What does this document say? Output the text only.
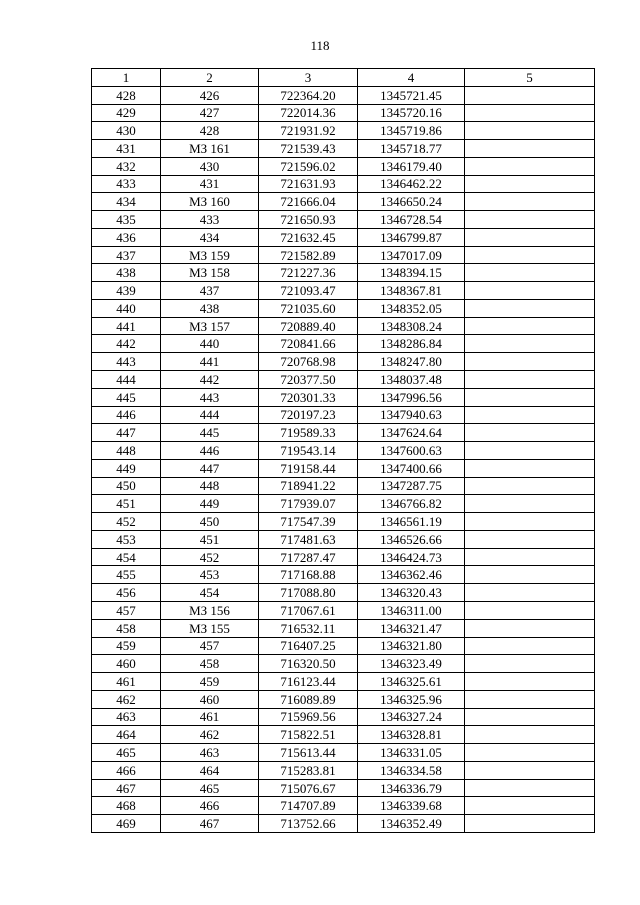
118
1	2	3	4	5
428	426	722364.20	1345721.45	
429	427	722014.36	1345720.16	
430	428	721931.92	1345719.86	
431	МЗ 161	721539.43	1345718.77	
432	430	721596.02	1346179.40	
433	431	721631.93	1346462.22	
434	МЗ 160	721666.04	1346650.24	
435	433	721650.93	1346728.54	
436	434	721632.45	1346799.87	
437	МЗ 159	721582.89	1347017.09	
438	МЗ 158	721227.36	1348394.15	
439	437	721093.47	1348367.81	
440	438	721035.60	1348352.05	
441	МЗ 157	720889.40	1348308.24	
442	440	720841.66	1348286.84	
443	441	720768.98	1348247.80	
444	442	720377.50	1348037.48	
445	443	720301.33	1347996.56	
446	444	720197.23	1347940.63	
447	445	719589.33	1347624.64	
448	446	719543.14	1347600.63	
449	447	719158.44	1347400.66	
450	448	718941.22	1347287.75	
451	449	717939.07	1346766.82	
452	450	717547.39	1346561.19	
453	451	717481.63	1346526.66	
454	452	717287.47	1346424.73	
455	453	717168.88	1346362.46	
456	454	717088.80	1346320.43	
457	МЗ 156	717067.61	1346311.00	
458	МЗ 155	716532.11	1346321.47	
459	457	716407.25	1346321.80	
460	458	716320.50	1346323.49	
461	459	716123.44	1346325.61	
462	460	716089.89	1346325.96	
463	461	715969.56	1346327.24	
464	462	715822.51	1346328.81	
465	463	715613.44	1346331.05	
466	464	715283.81	1346334.58	
467	465	715076.67	1346336.79	
468	466	714707.89	1346339.68	
469	467	713752.66	1346352.49	
